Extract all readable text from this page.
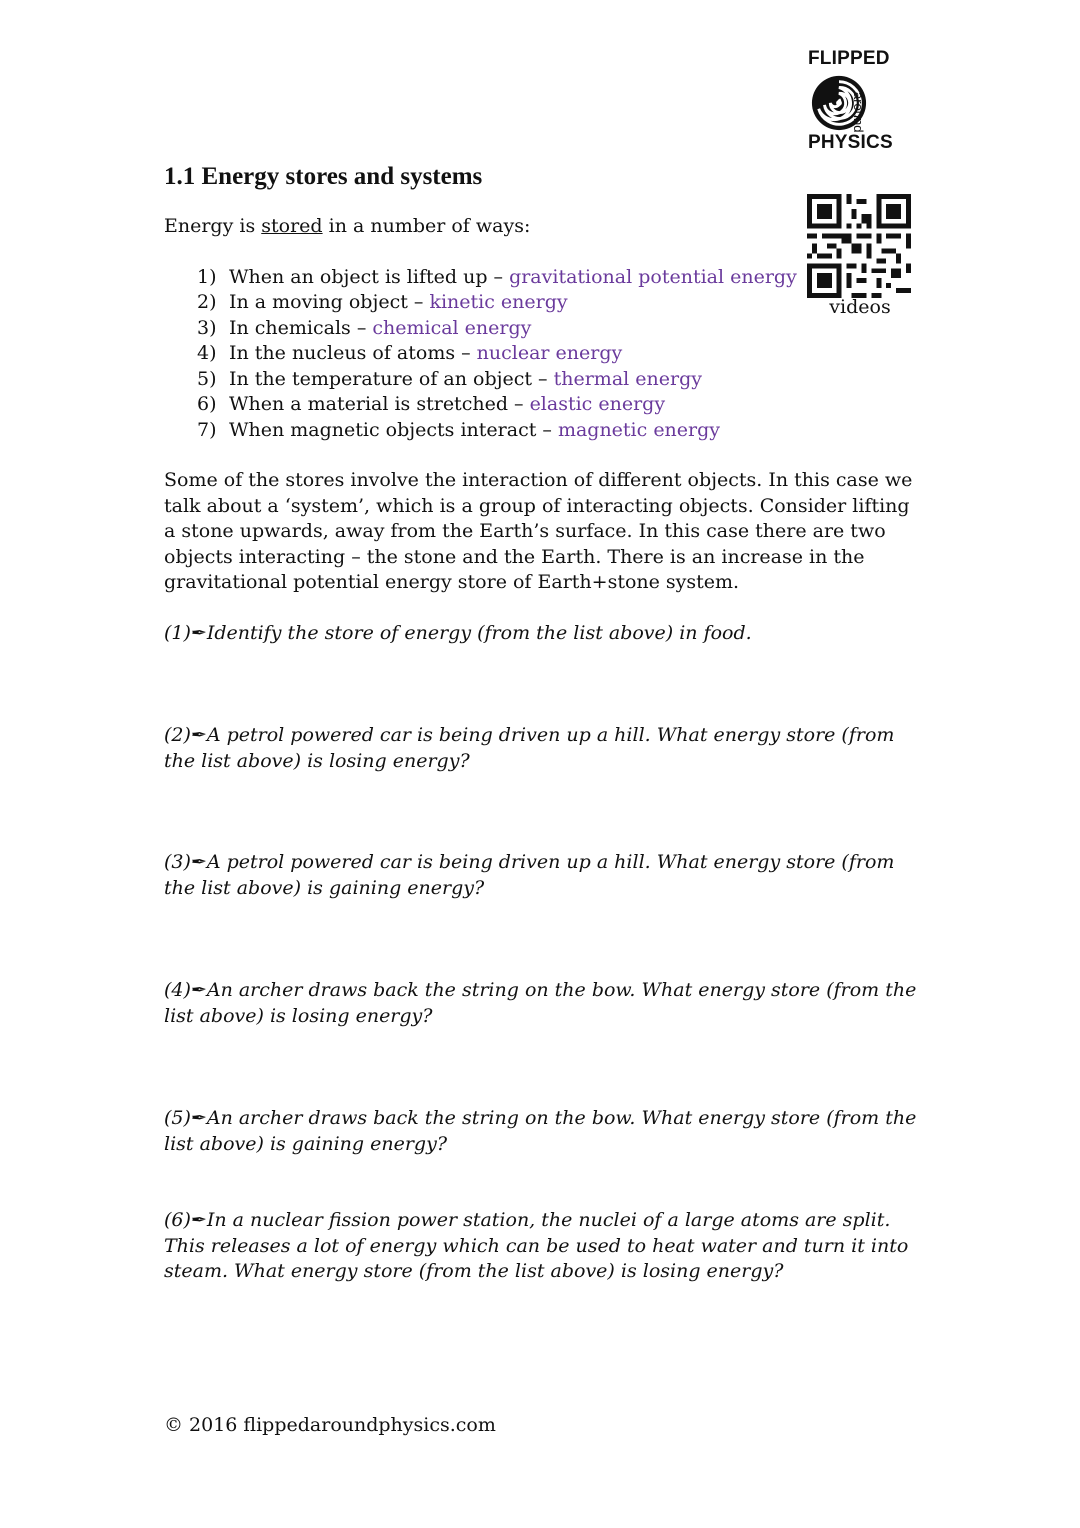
FLIPPED
around
PHYSICS
videos
1.1 Energy stores and systems

Energy is stored in a number of ways:

1) When an object is lifted up – gravitational potential energy
2) In a moving object – kinetic energy
3) In chemicals – chemical energy
4) In the nucleus of atoms – nuclear energy
5) In the temperature of an object – thermal energy
6) When a material is stretched – elastic energy
7) When magnetic objects interact – magnetic energy

Some of the stores involve the interaction of different objects. In this case we talk about a ‘system’, which is a group of interacting objects. Consider lifting a stone upwards, away from the Earth’s surface. In this case there are two objects interacting – the stone and the Earth. There is an increase in the gravitational potential energy store of Earth+stone system.

(1)✒Identify the store of energy (from the list above) in food.

(2)✒A petrol powered car is being driven up a hill. What energy store (from the list above) is losing energy?

(3)✒A petrol powered car is being driven up a hill. What energy store (from the list above) is gaining energy?

(4)✒An archer draws back the string on the bow. What energy store (from the list above) is losing energy?

(5)✒An archer draws back the string on the bow. What energy store (from the list above) is gaining energy?

(6)✒In a nuclear fission power station, the nuclei of a large atoms are split. This releases a lot of energy which can be used to heat water and turn it into steam. What energy store (from the list above) is losing energy?

© 2016 flippedaroundphysics.com
